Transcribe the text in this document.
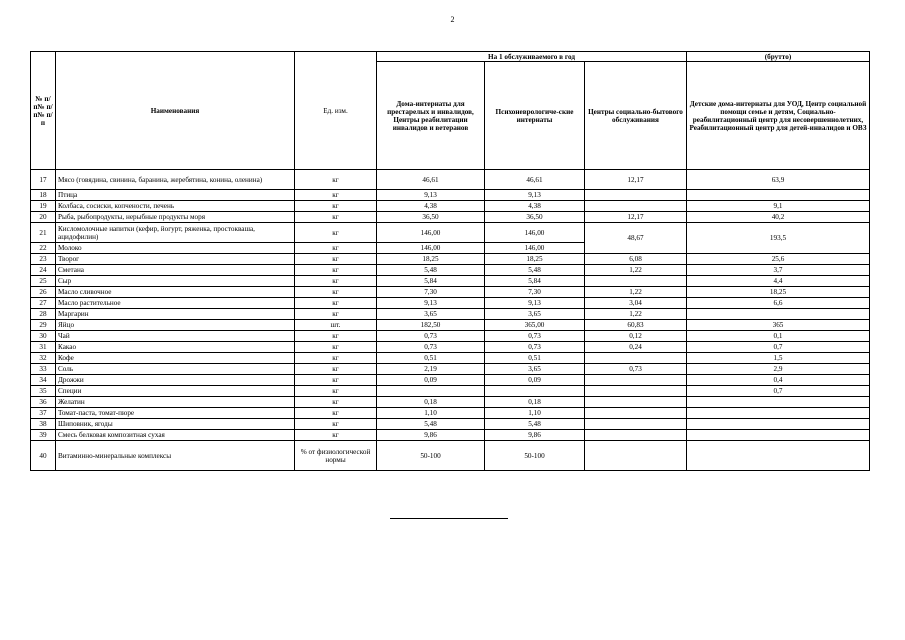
2
№ п/п№ п/п№ п/п	Наименования	Ед. изм.	На 1 обслуживаемого в год			(брутто)
			Дома-интернаты для престарелых и инвалидов, Центры реабилитации инвалидов и ветеранов	Психоневрологиче-ские интернаты	Центры социально-бытового обслуживания	Детские дома-интернаты для УОД, Центр социальной помощи семье и детям, Социально-реабилитационный центр для несовершеннолетних, Реабилитационный центр для детей-инвалидов и ОВЗ
17	Мясо (говядина, свинина, баранина, жеребятина, конина, оленина)	кг	46,61	46,61	12,17	63,9
18	Птица	кг	9,13	9,13		
19	Колбаса, сосиски, копчености, печень	кг	4,38	4,38		9,1
20	Рыба, рыбопродукты, нерыбные продукты моря	кг	36,50	36,50	12,17	40,2
21	Кисломолочные напитки (кефир, йогурт, ряженка, простокваша, ацидофилин)	кг	146,00	146,00	48,67	193,5
22	Молоко	кг	146,00	146,00		
23	Творог	кг	18,25	18,25	6,08	25,6
24	Сметана	кг	5,48	5,48	1,22	3,7
25	Сыр	кг	5,84	5,84		4,4
26	Масло сливочное	кг	7,30	7,30	1,22	18,25
27	Масло растительное	кг	9,13	9,13	3,04	6,6
28	Маргарин	кг	3,65	3,65	1,22	
29	Яйцо	шт.	182,50	365,00	60,83	365
30	Чай	кг	0,73	0,73	0,12	0,1
31	Какао	кг	0,73	0,73	0,24	0,7
32	Кофе	кг	0,51	0,51		1,5
33	Соль	кг	2,19	3,65	0,73	2,9
34	Дрожжи	кг	0,09	0,09		0,4
35	Специи	кг				0,7
36	Желатин	кг	0,18	0,18		
37	Томат-паста, томат-пюре	кг	1,10	1,10		
38	Шиповник, ягоды	кг	5,48	5,48		
39	Смесь белковая композитная сухая	кг	9,86	9,86		
40	Витаминно-минеральные комплексы	% от физиологической нормы	50-100	50-100		
